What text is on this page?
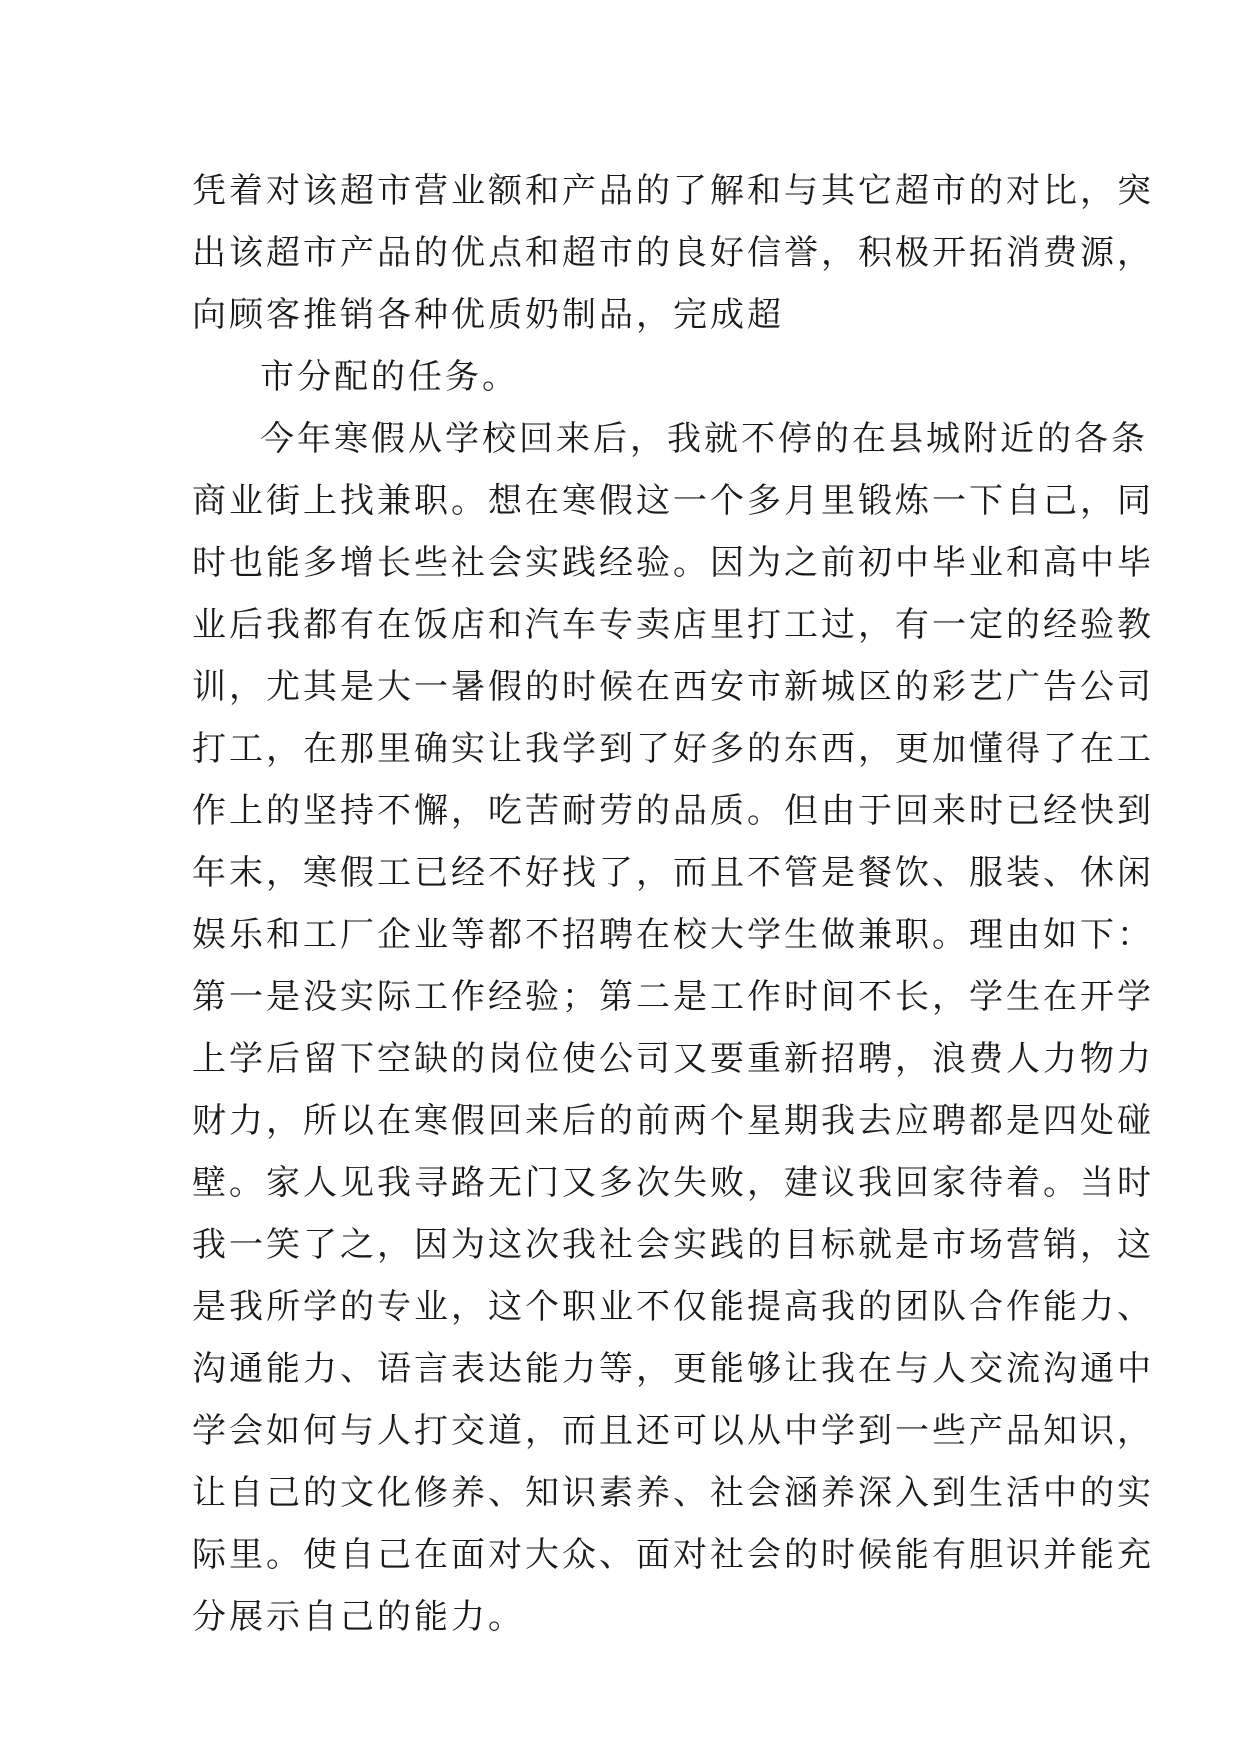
凭着对该超市营业额和产品的了解和与其它超市的对比，突
出该超市产品的优点和超市的良好信誉，积极开拓消费源，
向顾客推销各种优质奶制品，完成超
市分配的任务。
今年寒假从学校回来后，我就不停的在县城附近的各条
商业街上找兼职。想在寒假这一个多月里锻炼一下自己，同
时也能多增长些社会实践经验。因为之前初中毕业和高中毕
业后我都有在饭店和汽车专卖店里打工过，有一定的经验教
训，尤其是大一暑假的时候在西安市新城区的彩艺广告公司
打工，在那里确实让我学到了好多的东西，更加懂得了在工
作上的坚持不懈，吃苦耐劳的品质。但由于回来时已经快到
年末，寒假工已经不好找了，而且不管是餐饮、服装、休闲
娱乐和工厂企业等都不招聘在校大学生做兼职。理由如下：
第一是没实际工作经验；第二是工作时间不长，学生在开学
上学后留下空缺的岗位使公司又要重新招聘，浪费人力物力
财力，所以在寒假回来后的前两个星期我去应聘都是四处碰
壁。家人见我寻路无门又多次失败，建议我回家待着。当时
我一笑了之，因为这次我社会实践的目标就是市场营销，这
是我所学的专业，这个职业不仅能提高我的团队合作能力、
沟通能力、语言表达能力等，更能够让我在与人交流沟通中
学会如何与人打交道，而且还可以从中学到一些产品知识，
让自己的文化修养、知识素养、社会涵养深入到生活中的实
际里。使自己在面对大众、面对社会的时候能有胆识并能充
分展示自己的能力。
